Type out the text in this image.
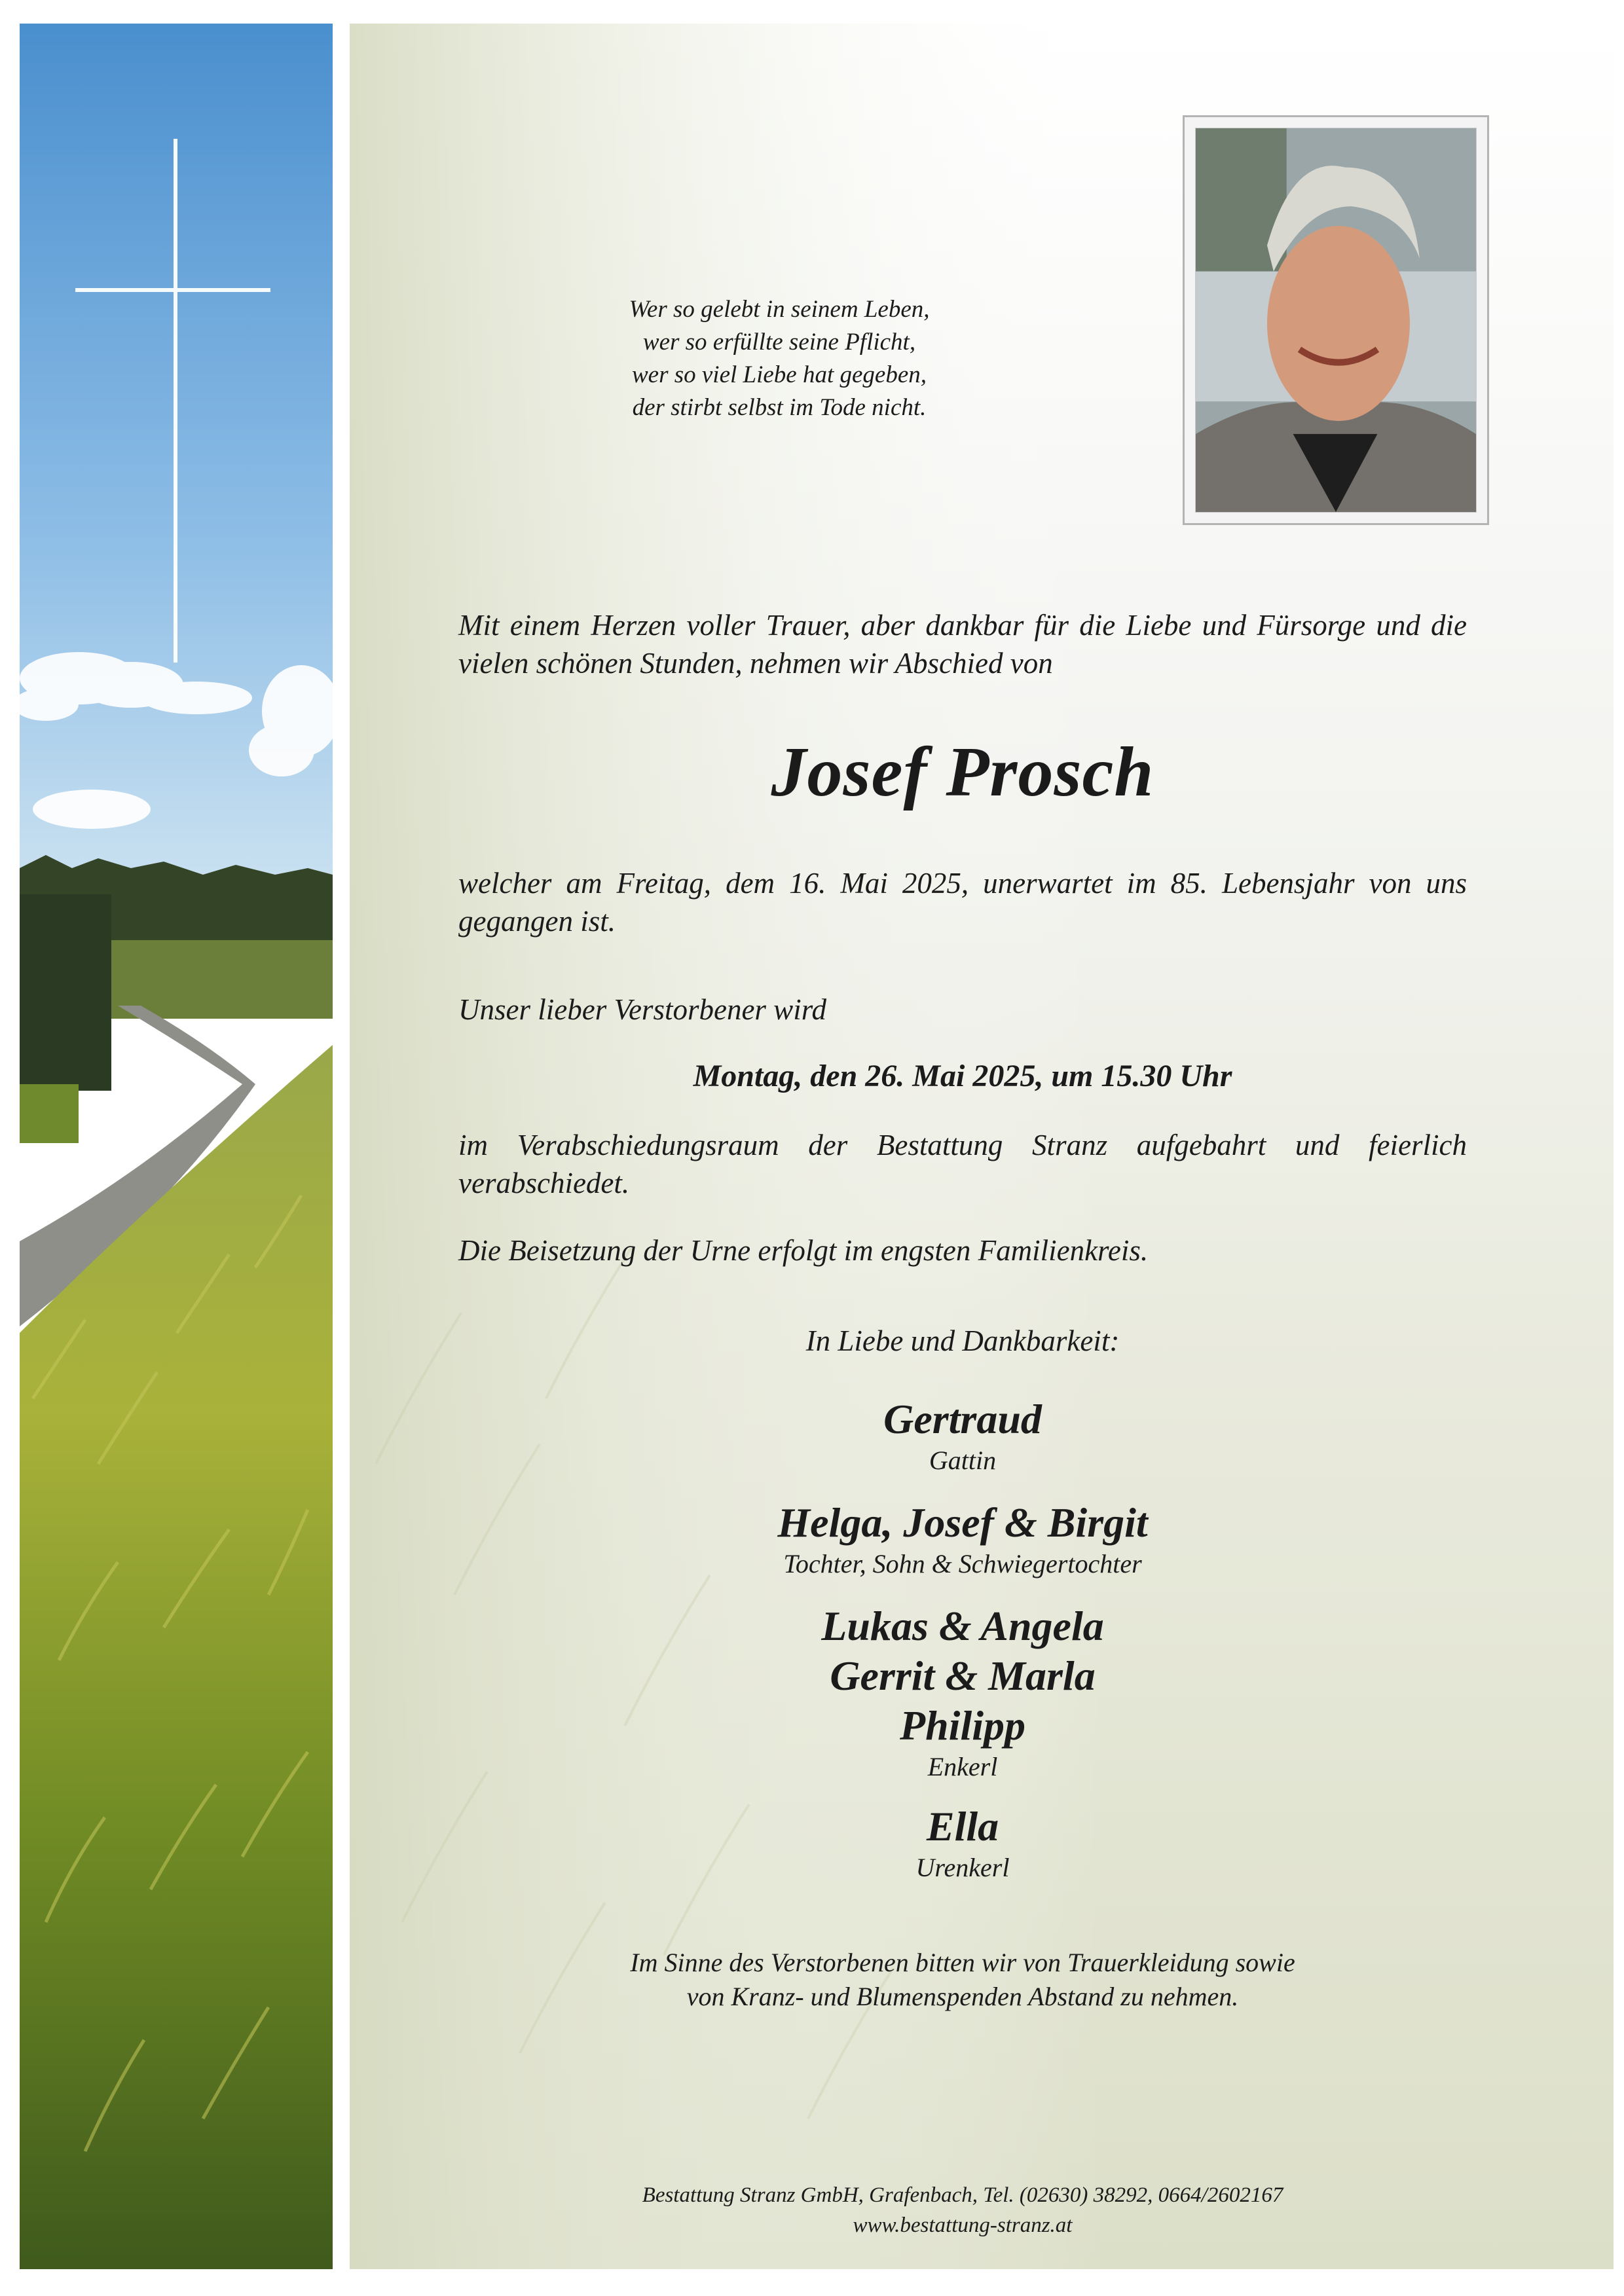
Wer so gelebt in seinem Leben,
wer so erfüllte seine Pflicht,
wer so viel Liebe hat gegeben,
der stirbt selbst im Tode nicht.
Mit einem Herzen voller Trauer, aber dankbar für die Liebe und Fürsorge und die vielen schönen Stunden, nehmen wir Abschied von
Josef Prosch
welcher am Freitag, dem 16. Mai 2025, unerwartet im 85. Lebensjahr von uns gegangen ist.
Unser lieber Verstorbener wird
Montag, den 26. Mai 2025, um 15.30 Uhr
im Verabschiedungsraum der Bestattung Stranz aufgebahrt und feierlich verabschiedet.
Die Beisetzung der Urne erfolgt im engsten Familienkreis.
In Liebe und Dankbarkeit:
Gertraud
Gattin
Helga, Josef & Birgit
Tochter, Sohn & Schwiegertochter
Lukas & Angela
Gerrit & Marla
Philipp
Enkerl
Ella
Urenkerl
Im Sinne des Verstorbenen bitten wir von Trauerkleidung sowie
von Kranz- und Blumenspenden Abstand zu nehmen.
Bestattung Stranz GmbH, Grafenbach, Tel. (02630) 38292, 0664/2602167
www.bestattung-stranz.at
